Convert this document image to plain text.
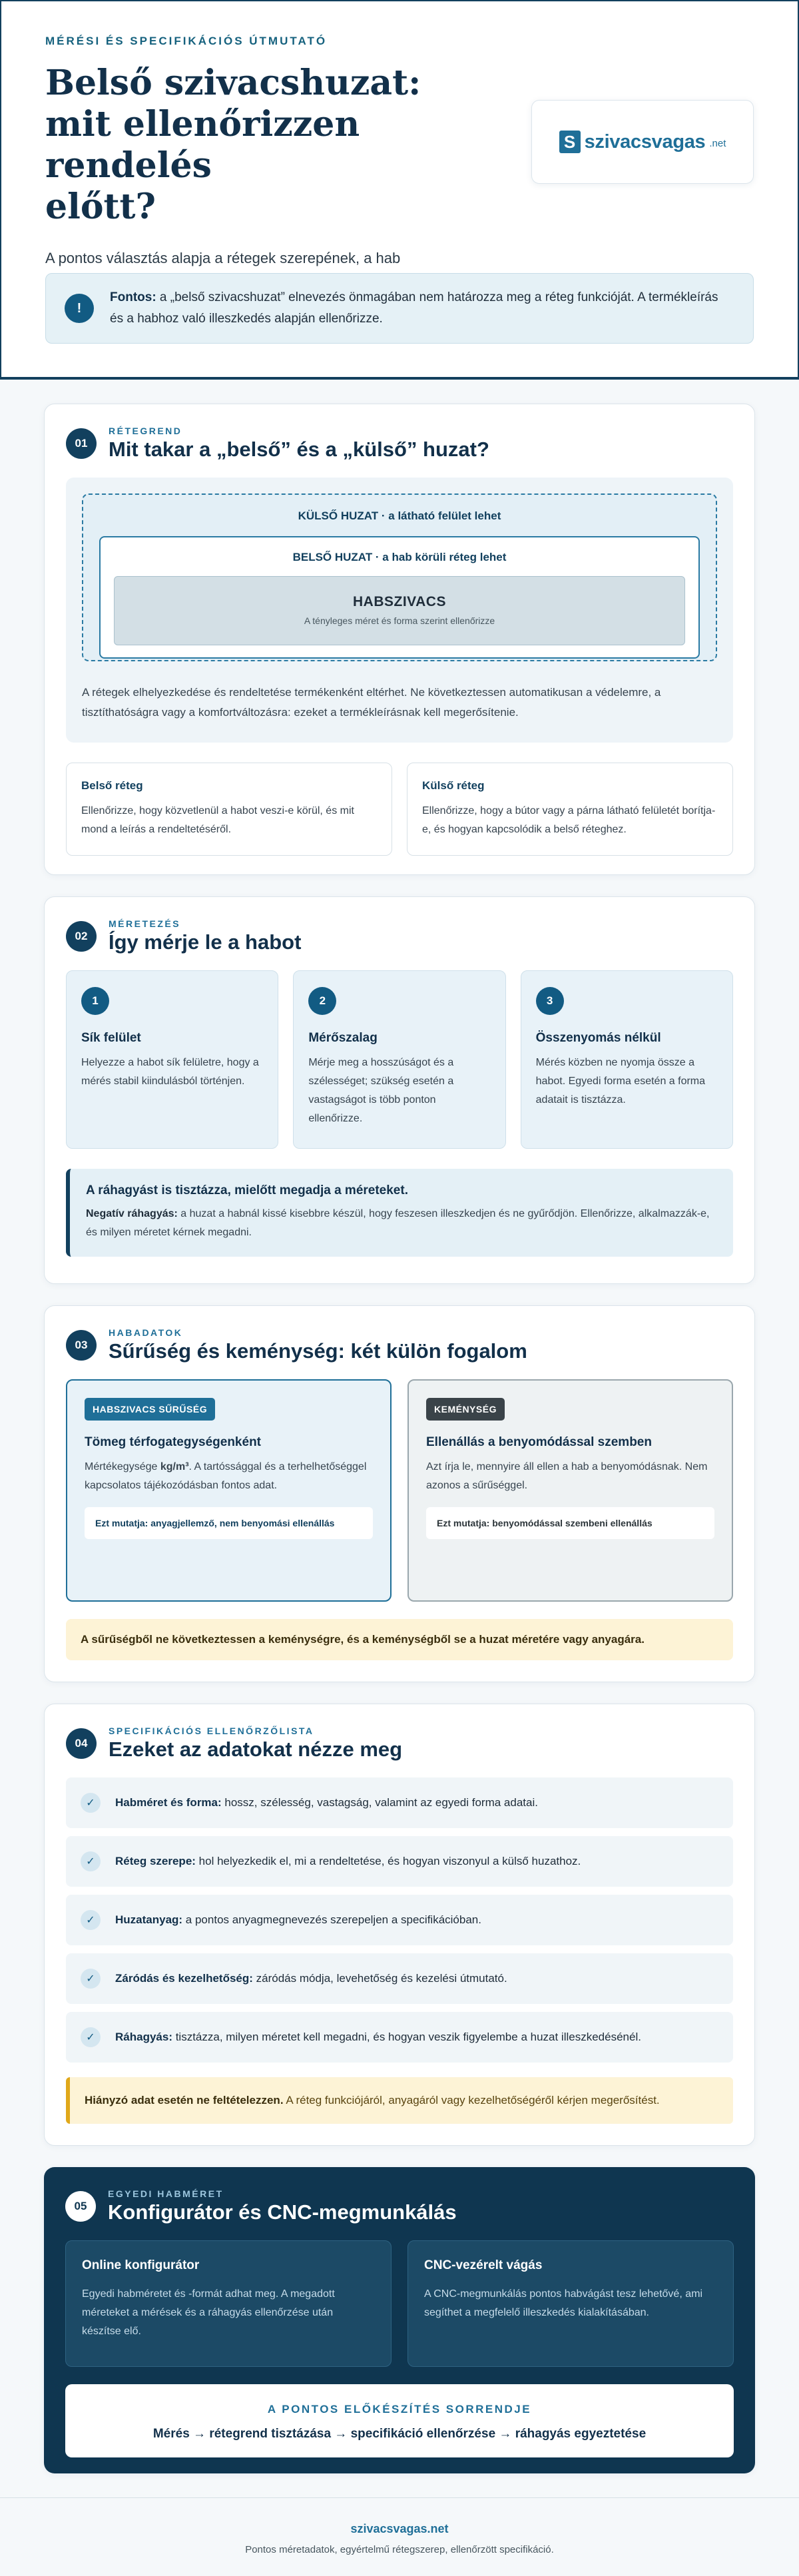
MÉRÉSI ÉS SPECIFIKÁCIÓS ÚTMUTATÓ
Belső szivacshuzat:
mit ellenőrizzen rendelés
előtt?

A pontos választás alapja a rétegek szerepének, a hab

S szivacsvagas .net
!

Fontos: a „belső szivacshuzat” elnevezés önmagában nem határozza meg a réteg funkcióját. A termékleírás és a habhoz való illeszkedés alapján ellenőrizze.

01
RÉTEGREND
Mit takar a „belső” és a „külső” huzat?
KÜLSŐ HUZAT · a látható felület lehet
BELSŐ HUZAT · a hab körüli réteg lehet
HABSZIVACS
A tényleges méret és forma szerint ellenőrizze

A rétegek elhelyezkedése és rendeltetése termékenként eltérhet. Ne következtessen automatikusan a védelemre, a tisztíthatóságra vagy a komfortváltozásra: ezeket a termékleírásnak kell megerősítenie.

Belső réteg

Ellenőrizze, hogy közvetlenül a habot veszi-e körül, és mit mond a leírás a rendeltetéséről.

Külső réteg

Ellenőrizze, hogy a bútor vagy a párna látható felületét borítja-e, és hogyan kapcsolódik a belső réteghez.

02
MÉRETEZÉS
Így mérje le a habot
1
Sík felület

Helyezze a habot sík felületre, hogy a mérés stabil kiindulásból történjen.

2
Mérőszalag

Mérje meg a hosszúságot és a szélességet; szükség esetén a vastagságot is több ponton ellenőrizze.

3
Összenyomás nélkül

Mérés közben ne nyomja össze a habot. Egyedi forma esetén a forma adatait is tisztázza.

A ráhagyást is tisztázza, mielőtt megadja a méreteket.

Negatív ráhagyás: a huzat a habnál kissé kisebbre készül, hogy feszesen illeszkedjen és ne gyűrődjön. Ellenőrizze, alkalmazzák-e, és milyen méretet kérnek megadni.

03
HABADATOK
Sűrűség és keménység: két külön fogalom
HABSZIVACS SŰRŰSÉG
Tömeg térfogategységenként

Mértékegysége kg/m³. A tartóssággal és a terhelhetőséggel kapcsolatos tájékozódásban fontos adat.

Ezt mutatja: anyagjellemző, nem benyomási ellenállás
KEMÉNYSÉG
Ellenállás a benyomódással szemben

Azt írja le, mennyire áll ellen a hab a benyomódásnak. Nem azonos a sűrűséggel.

Ezt mutatja: benyomódással szembeni ellenállás
A sűrűségből ne következtessen a keménységre, és a keménységből se a huzat méretére vagy anyagára.
04
SPECIFIKÁCIÓS ELLENŐRZŐLISTA
Ezeket az adatokat nézze meg
✓	Habméret és forma: hossz, szélesség, vastagság, valamint az egyedi forma adatai.
✓	Réteg szerepe: hol helyezkedik el, mi a rendeltetése, és hogyan viszonyul a külső huzathoz.
✓	Huzatanyag: a pontos anyagmegnevezés szerepeljen a specifikációban.
✓	Záródás és kezelhetőség: záródás módja, levehetőség és kezelési útmutató.
✓	Ráhagyás: tisztázza, milyen méretet kell megadni, és hogyan veszik figyelembe a huzat illeszkedésénél.
Hiányzó adat esetén ne feltételezzen. A réteg funkciójáról, anyagáról vagy kezelhetőségéről kérjen megerősítést.
05
EGYEDI HABMÉRET
Konfigurátor és CNC-megmunkálás
Online konfigurátor

Egyedi habméretet és -formát adhat meg. A megadott méreteket a mérések és a ráhagyás ellenőrzése után készítse elő.

CNC-vezérelt vágás

A CNC-megmunkálás pontos habvágást tesz lehetővé, ami segíthet a megfelelő illeszkedés kialakításában.

A PONTOS ELŐKÉSZÍTÉS SORRENDJE
Mérés → rétegrend tisztázása → specifikáció ellenőrzése → ráhagyás egyeztetése
szivacsvagas.net
Pontos méretadatok, egyértelmű rétegszerep, ellenőrzött specifikáció.
